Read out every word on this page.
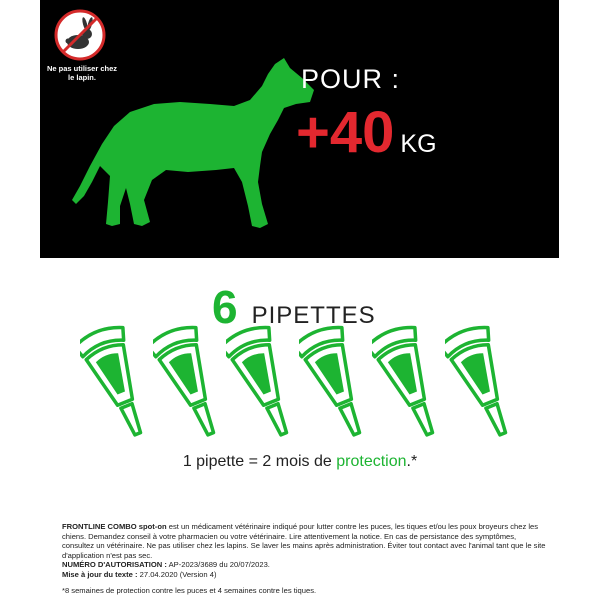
Ne pas utiliser chez le lapin.	POUR :
+40 KG
6 PIPETTES
1 pipette = 2 mois de protection.*
FRONTLINE COMBO spot-on est un médicament vétérinaire indiqué pour lutter contre les puces, les tiques et/ou les poux broyeurs chez les chiens. Demandez conseil à votre pharmacien ou votre vétérinaire. Lire attentivement la notice. En cas de persistance des symptômes, consultez un vétérinaire. Ne pas utiliser chez les lapins. Se laver les mains après administration. Éviter tout contact avec l'animal tant que le site d'application n'est pas sec.
NUMÉRO D'AUTORISATION : AP-2023/3689 du 20/07/2023.
Mise à jour du texte : 27.04.2020 (Version 4)
*8 semaines de protection contre les puces et 4 semaines contre les tiques.
